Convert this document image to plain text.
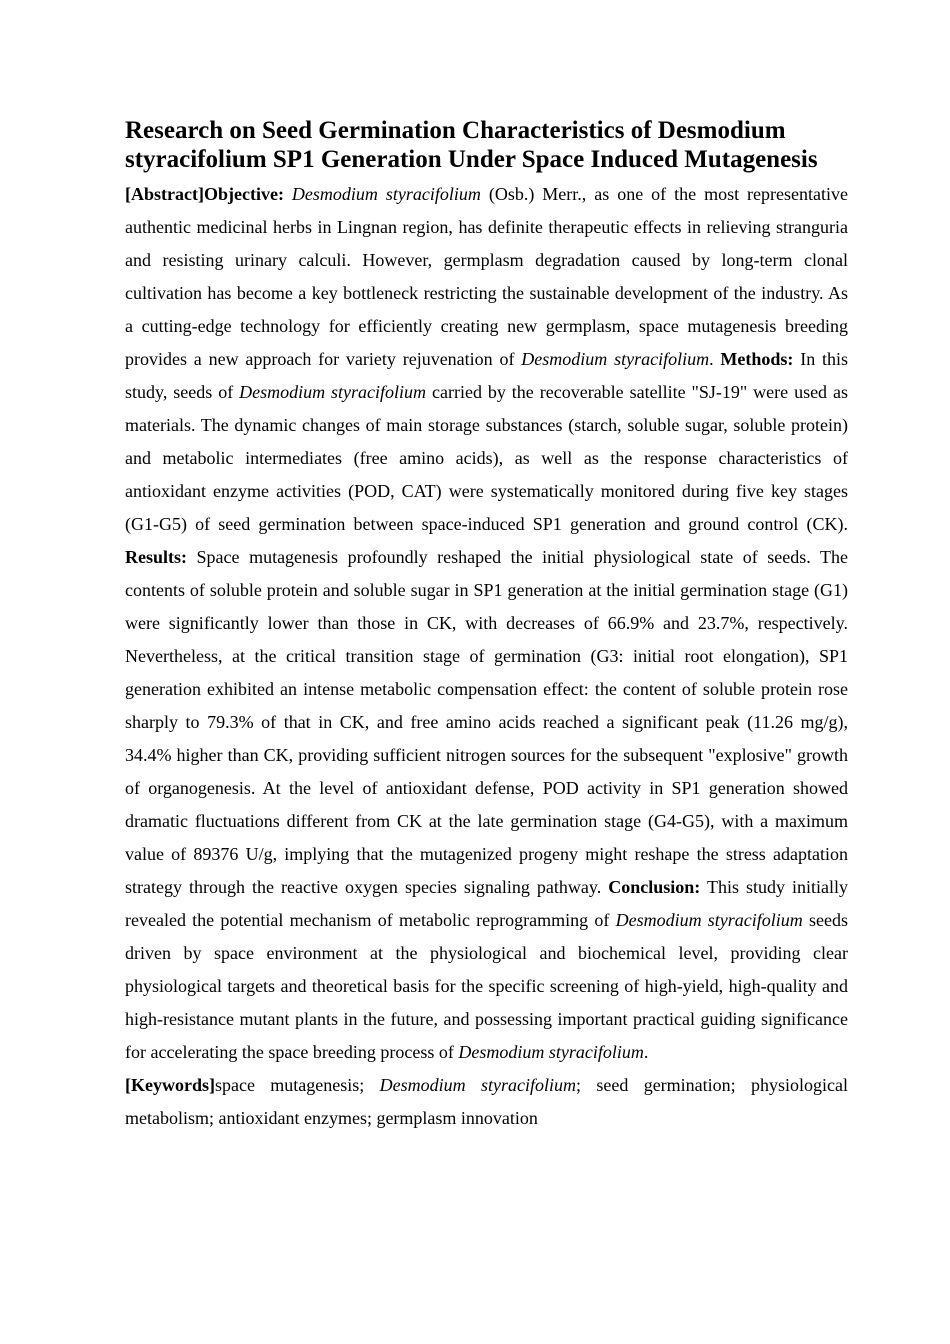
Research on Seed Germination Characteristics of Desmodium
styracifolium SP1 Generation Under Space Induced Mutagenesis

[Abstract]Objective: Desmodium styracifolium (Osb.) Merr., as one of the most representative authentic medicinal herbs in Lingnan region, has definite therapeutic effects in relieving stranguria and resisting urinary calculi. However, germplasm degradation caused by long-term clonal cultivation has become a key bottleneck restricting the sustainable development of the industry. As a cutting-edge technology for efficiently creating new germplasm, space mutagenesis breeding provides a new approach for variety rejuvenation of Desmodium styracifolium. Methods: In this study, seeds of Desmodium styracifolium carried by the recoverable satellite "SJ-19" were used as materials. The dynamic changes of main storage substances (starch, soluble sugar, soluble protein) and metabolic intermediates (free amino acids), as well as the response characteristics of antioxidant enzyme activities (POD, CAT) were systematically monitored during five key stages (G1-G5) of seed germination between space-induced SP1 generation and ground control (CK). Results: Space mutagenesis profoundly reshaped the initial physiological state of seeds. The contents of soluble protein and soluble sugar in SP1 generation at the initial germination stage (G1) were significantly lower than those in CK, with decreases of 66.9% and 23.7%, respectively. Nevertheless, at the critical transition stage of germination (G3: initial root elongation), SP1 generation exhibited an intense metabolic compensation effect: the content of soluble protein rose sharply to 79.3% of that in CK, and free amino acids reached a significant peak (11.26 mg/g), 34.4% higher than CK, providing sufficient nitrogen sources for the subsequent "explosive" growth of organogenesis. At the level of antioxidant defense, POD activity in SP1 generation showed dramatic fluctuations different from CK at the late germination stage (G4-G5), with a maximum value of 89376 U/g, implying that the mutagenized progeny might reshape the stress adaptation strategy through the reactive oxygen species signaling pathway. Conclusion: This study initially revealed the potential mechanism of metabolic reprogramming of Desmodium styracifolium seeds driven by space environment at the physiological and biochemical level, providing clear physiological targets and theoretical basis for the specific screening of high-yield, high-quality and high-resistance mutant plants in the future, and possessing important practical guiding significance for accelerating the space breeding process of Desmodium styracifolium.

[Keywords]space mutagenesis; Desmodium styracifolium; seed germination; physiological metabolism; antioxidant enzymes; germplasm innovation
